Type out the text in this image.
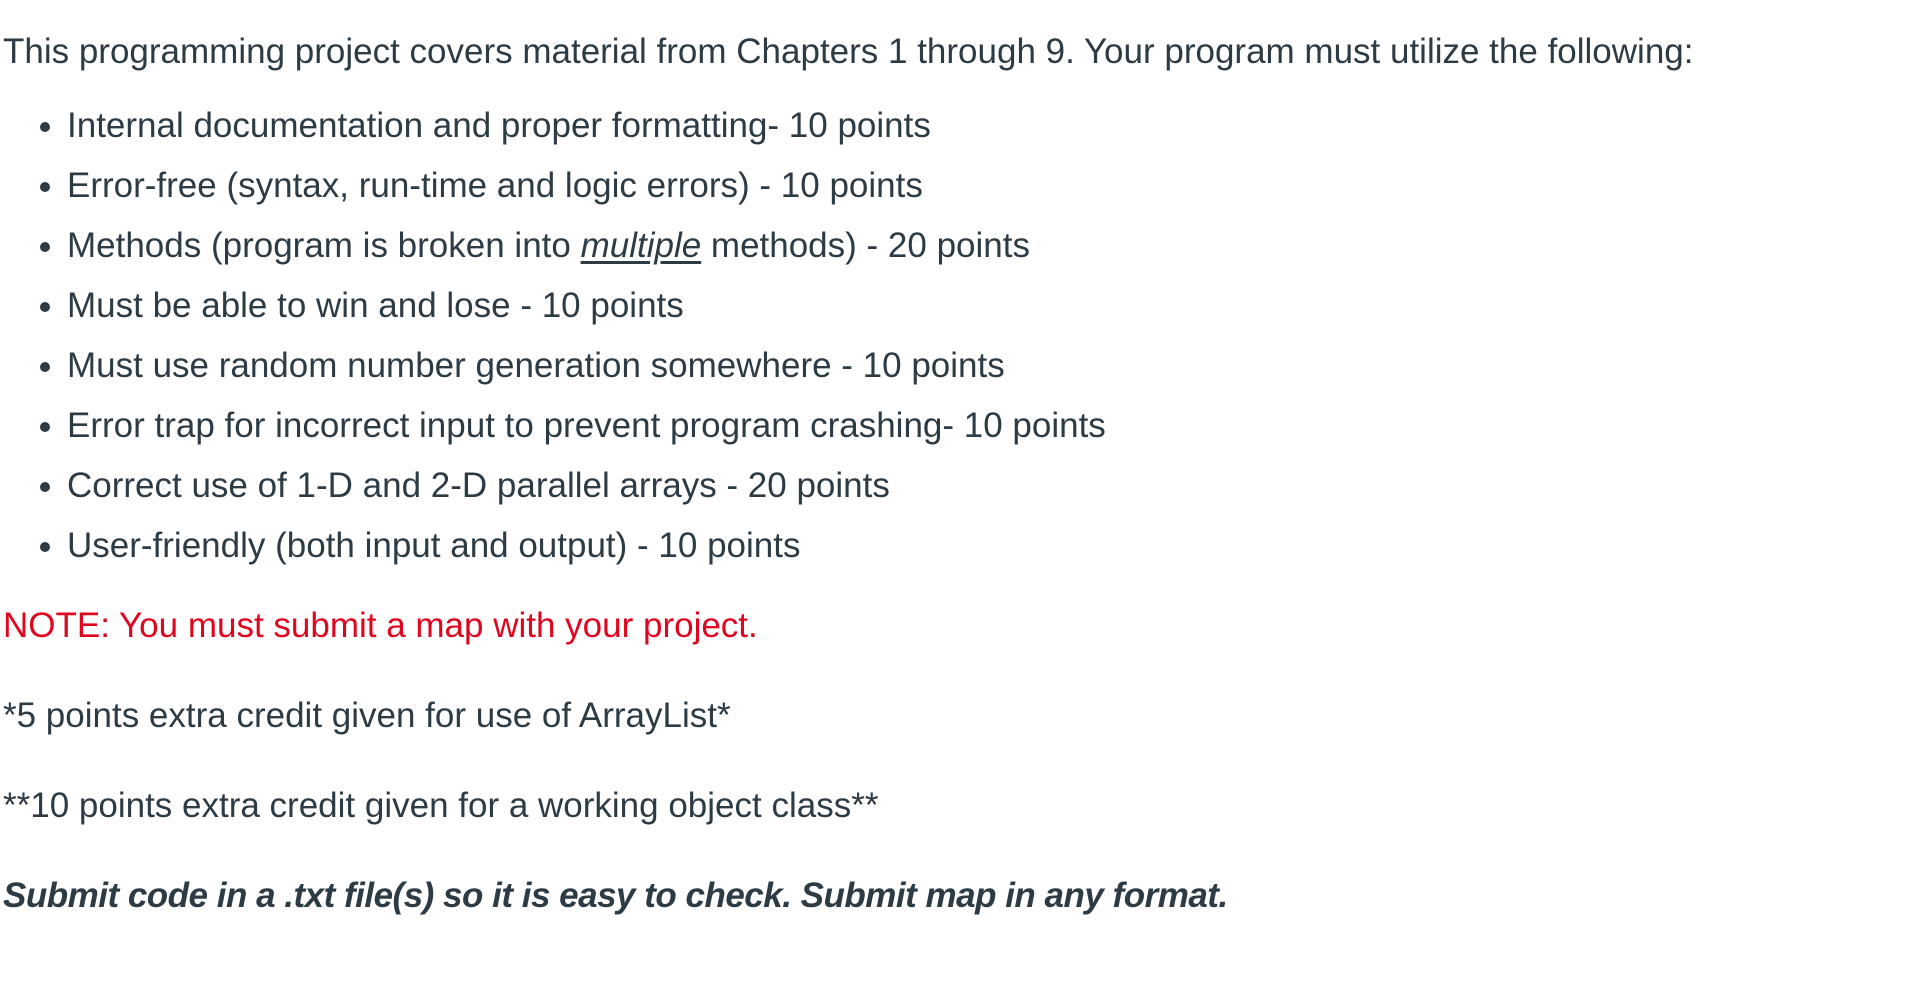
This programming project covers material from Chapters 1 through 9. Your program must utilize the following:

Internal documentation and proper formatting- 10 points
Error-free (syntax, run-time and logic errors) - 10 points
Methods (program is broken into multiple methods) - 20 points
Must be able to win and lose - 10 points
Must use random number generation somewhere - 10 points
Error trap for incorrect input to prevent program crashing- 10 points
Correct use of 1-D and 2-D parallel arrays - 20 points
User-friendly (both input and output) - 10 points

NOTE: You must submit a map with your project.

*5 points extra credit given for use of ArrayList*

**10 points extra credit given for a working object class**

Submit code in a .txt file(s) so it is easy to check. Submit map in any format.
